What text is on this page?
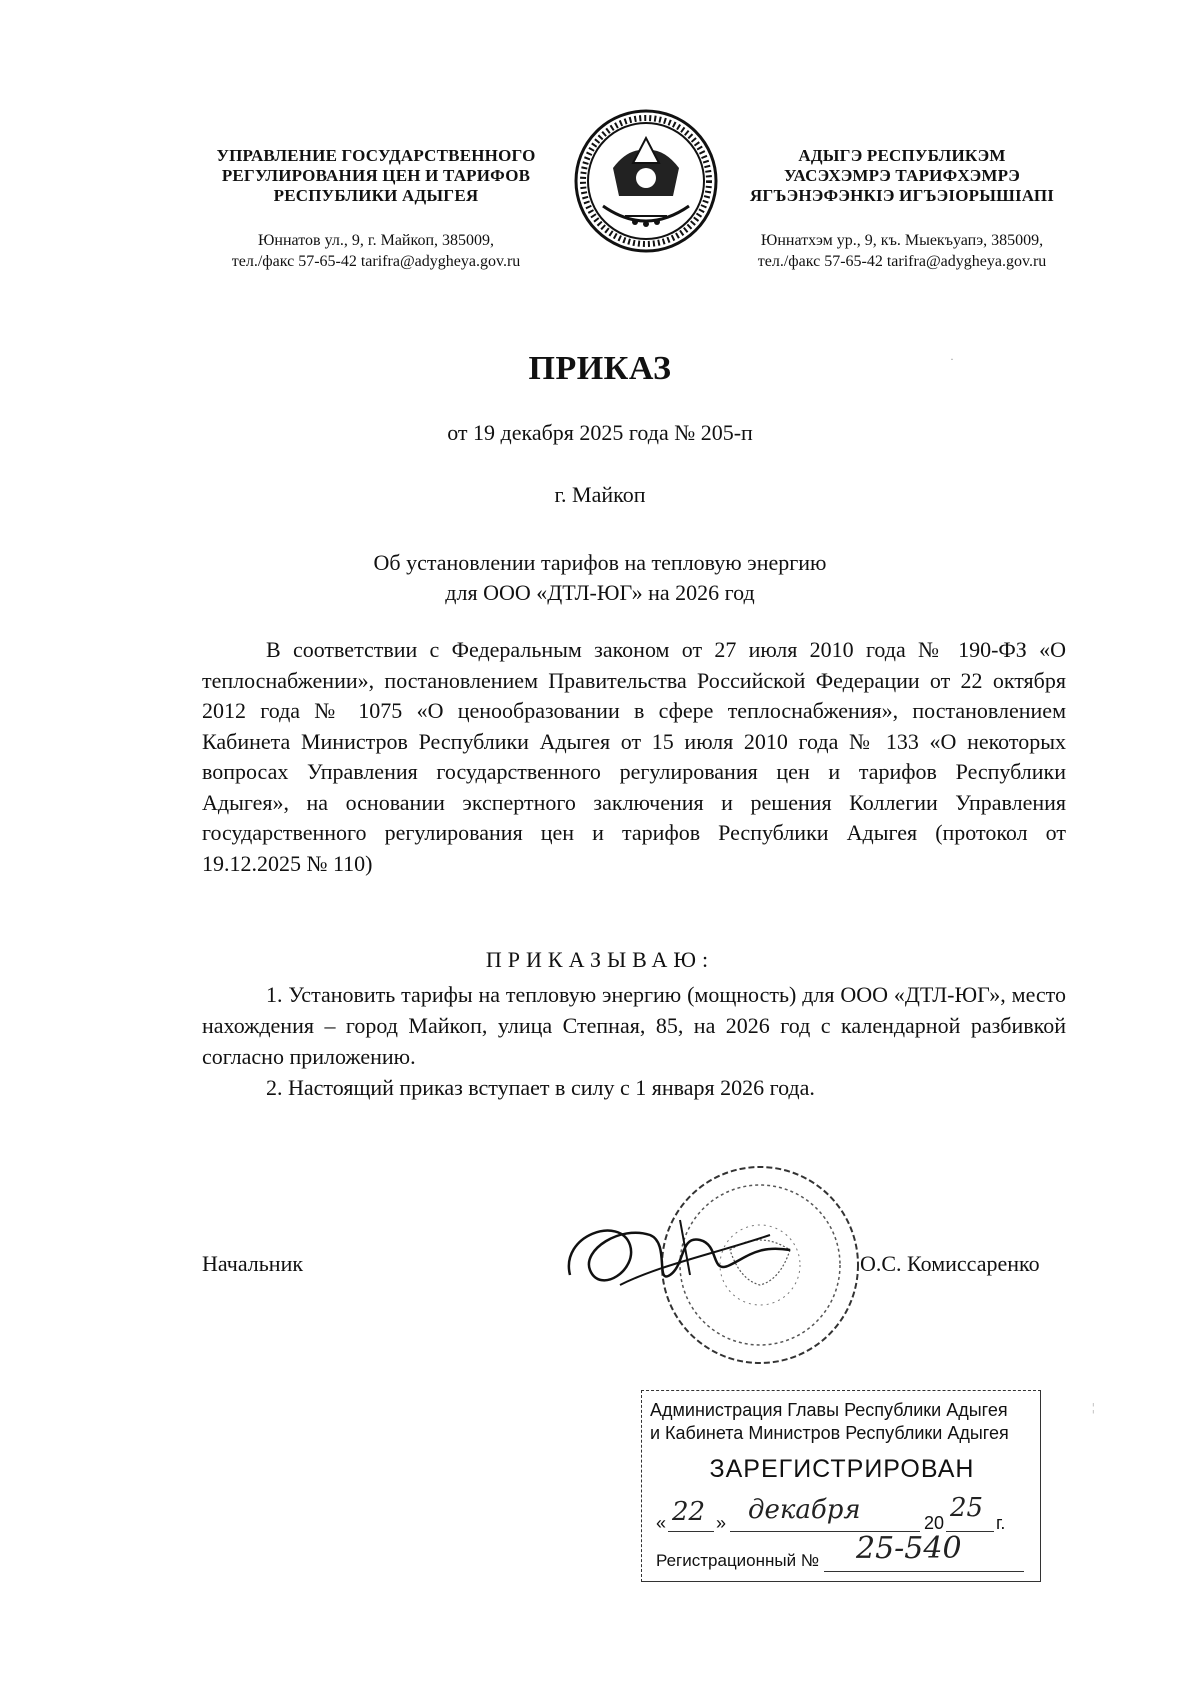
УПРАВЛЕНИЕ ГОСУДАРСТВЕННОГО
РЕГУЛИРОВАНИЯ ЦЕН И ТАРИФОВ
РЕСПУБЛИКИ АДЫГЕЯ
Юннатов ул., 9, г. Майкоп, 385009,
тел./факс 57-65-42 tarifra@adygheya.gov.ru
АДЫГЭ РЕСПУБЛИКЭМ
УАСЭХЭМРЭ ТАРИФХЭМРЭ
ЯГЪЭНЭФЭНКIЭ ИГЪЭIОРЫШIАПI
Юннатхэм ур., 9, къ. Мыекъуапэ, 385009,
тел./факс 57-65-42 tarifra@adygheya.gov.ru
ПРИКАЗ
от 19 декабря 2025 года № 205-п
г. Майкоп
Об установлении тарифов на тепловую энергию
для ООО «ДТЛ-ЮГ» на 2026 год

В соответствии с Федеральным законом от 27 июля 2010 года № 190-ФЗ «О теплоснабжении», постановлением Правительства Российской Федерации от 22 октября 2012 года № 1075 «О ценообразовании в сфере теплоснабжения», постановлением Кабинета Министров Республики Адыгея от 15 июля 2010 года № 133 «О некоторых вопросах Управления государственного регулирования цен и тарифов Республики Адыгея», на основании экспертного заключения и решения Коллегии Управления государственного регулирования цен и тарифов Республики Адыгея (протокол от 19.12.2025 № 110)

ПРИКАЗЫВАЮ:

1. Установить тарифы на тепловую энергию (мощность) для ООО «ДТЛ-ЮГ», место нахождения – город Майкоп, улица Степная, 85, на 2026 год с календарной разбивкой согласно приложению.

2. Настоящий приказ вступает в силу с 1 января 2026 года.

Начальник	О.С. Комиссаренко
Администрация Главы Республики Адыгея
и Кабинета Министров Республики Адыгея
ЗАРЕГИСТРИРОВАН
« 22 » декабря	20 25 г.
Регистрационный № 25-540
·
¦
